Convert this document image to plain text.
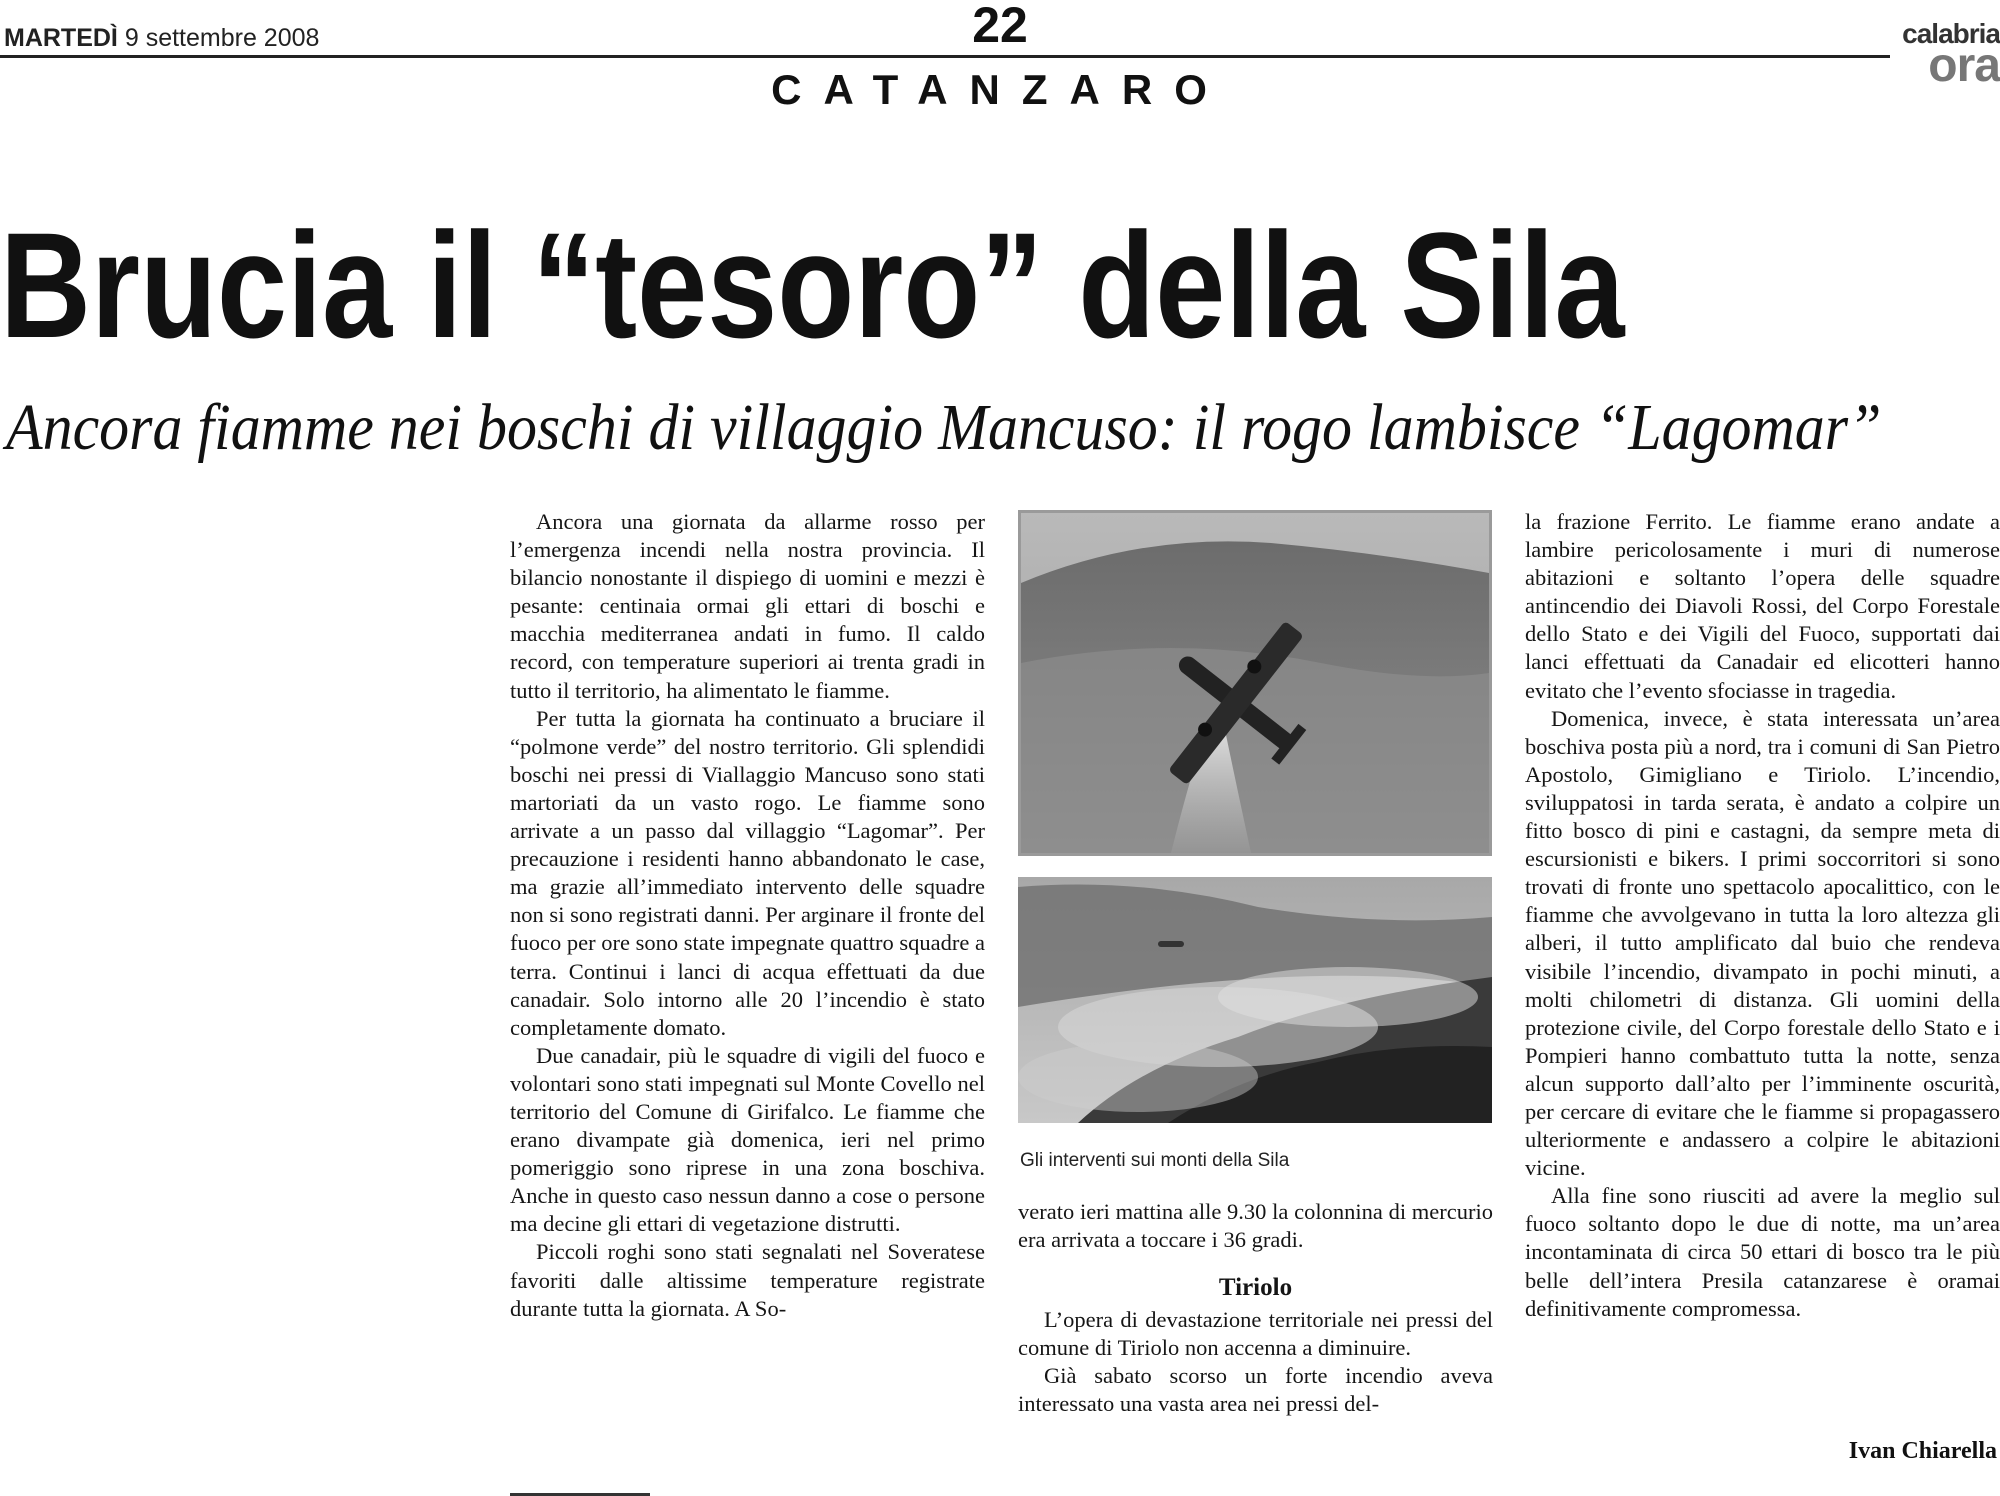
MARTEDÌ 9 settembre 2008	22	calabria
ora
CATANZARO
Brucia il “tesoro” della Sila
Ancora fiamme nei boschi di villaggio Mancuso: il rogo lambisce “Lagomar”

Ancora una giornata da allarme rosso per l’emergenza incendi nella nostra provincia. Il bilancio nonostante il dispiego di uomini e mezzi è pesante: centinaia ormai gli ettari di boschi e macchia mediterranea andati in fumo. Il caldo record, con temperature superiori ai trenta gradi in tutto il territorio, ha alimentato le fiamme.

Per tutta la giornata ha continuato a bruciare il “polmone verde” del nostro territorio. Gli splendidi boschi nei pressi di Viallaggio Mancuso sono stati martoriati da un vasto rogo. Le fiamme sono arrivate a un passo dal villaggio “Lagomar”. Per precauzione i residenti hanno abbandonato le case, ma grazie all’immediato intervento delle squadre non si sono registrati danni. Per arginare il fronte del fuoco per ore sono state impegnate quattro squadre a terra. Continui i lanci di acqua effettuati da due canadair. Solo intorno alle 20 l’incendio è stato completamente domato.

Due canadair, più le squadre di vigili del fuoco e volontari sono stati impegnati sul Monte Covello nel territorio del Comune di Girifalco. Le fiamme che erano divampate già domenica, ieri nel primo pomeriggio sono riprese in una zona boschiva. Anche in questo caso nessun danno a cose o persone ma decine gli ettari di vegetazione distrutti.

Piccoli roghi sono stati segnalati nel Soveratese favoriti dalle altissime temperature registrate durante tutta la giornata. A So-

Gli interventi sui monti della Sila

verato ieri mattina alle 9.30 la colonnina di mercurio era arrivata a toccare i 36 gradi.

Tiriolo

L’opera di devastazione territoriale nei pressi del comune di Tiriolo non accenna a diminuire.

Già sabato scorso un forte incendio aveva interessato una vasta area nei pressi del-

la frazione Ferrito. Le fiamme erano andate a lambire pericolosamente i muri di numerose abitazioni e soltanto l’opera delle squadre antincendio dei Diavoli Rossi, del Corpo Forestale dello Stato e dei Vigili del Fuoco, supportati dai lanci effettuati da Canadair ed elicotteri hanno evitato che l’evento sfociasse in tragedia.

Domenica, invece, è stata interessata un’area boschiva posta più a nord, tra i comuni di San Pietro Apostolo, Gimigliano e Tiriolo. L’incendio, sviluppatosi in tarda serata, è andato a colpire un fitto bosco di pini e castagni, da sempre meta di escursionisti e bikers. I primi soccorritori si sono trovati di fronte uno spettacolo apocalittico, con le fiamme che avvolgevano in tutta la loro altezza gli alberi, il tutto amplificato dal buio che rendeva visibile l’incendio, divampato in pochi minuti, a molti chilometri di distanza. Gli uomini della protezione civile, del Corpo forestale dello Stato e i Pompieri hanno combattuto tutta la notte, senza alcun supporto dall’alto per l’imminente oscurità, per cercare di evitare che le fiamme si propagassero ulteriormente e andassero a colpire le abitazioni vicine.

Alla fine sono riusciti ad avere la meglio sul fuoco soltanto dopo le due di notte, ma un’area incontaminata di circa 50 ettari di bosco tra le più belle dell’intera Presila catanzarese è oramai definitivamente compromessa.

Ivan Chiarella
